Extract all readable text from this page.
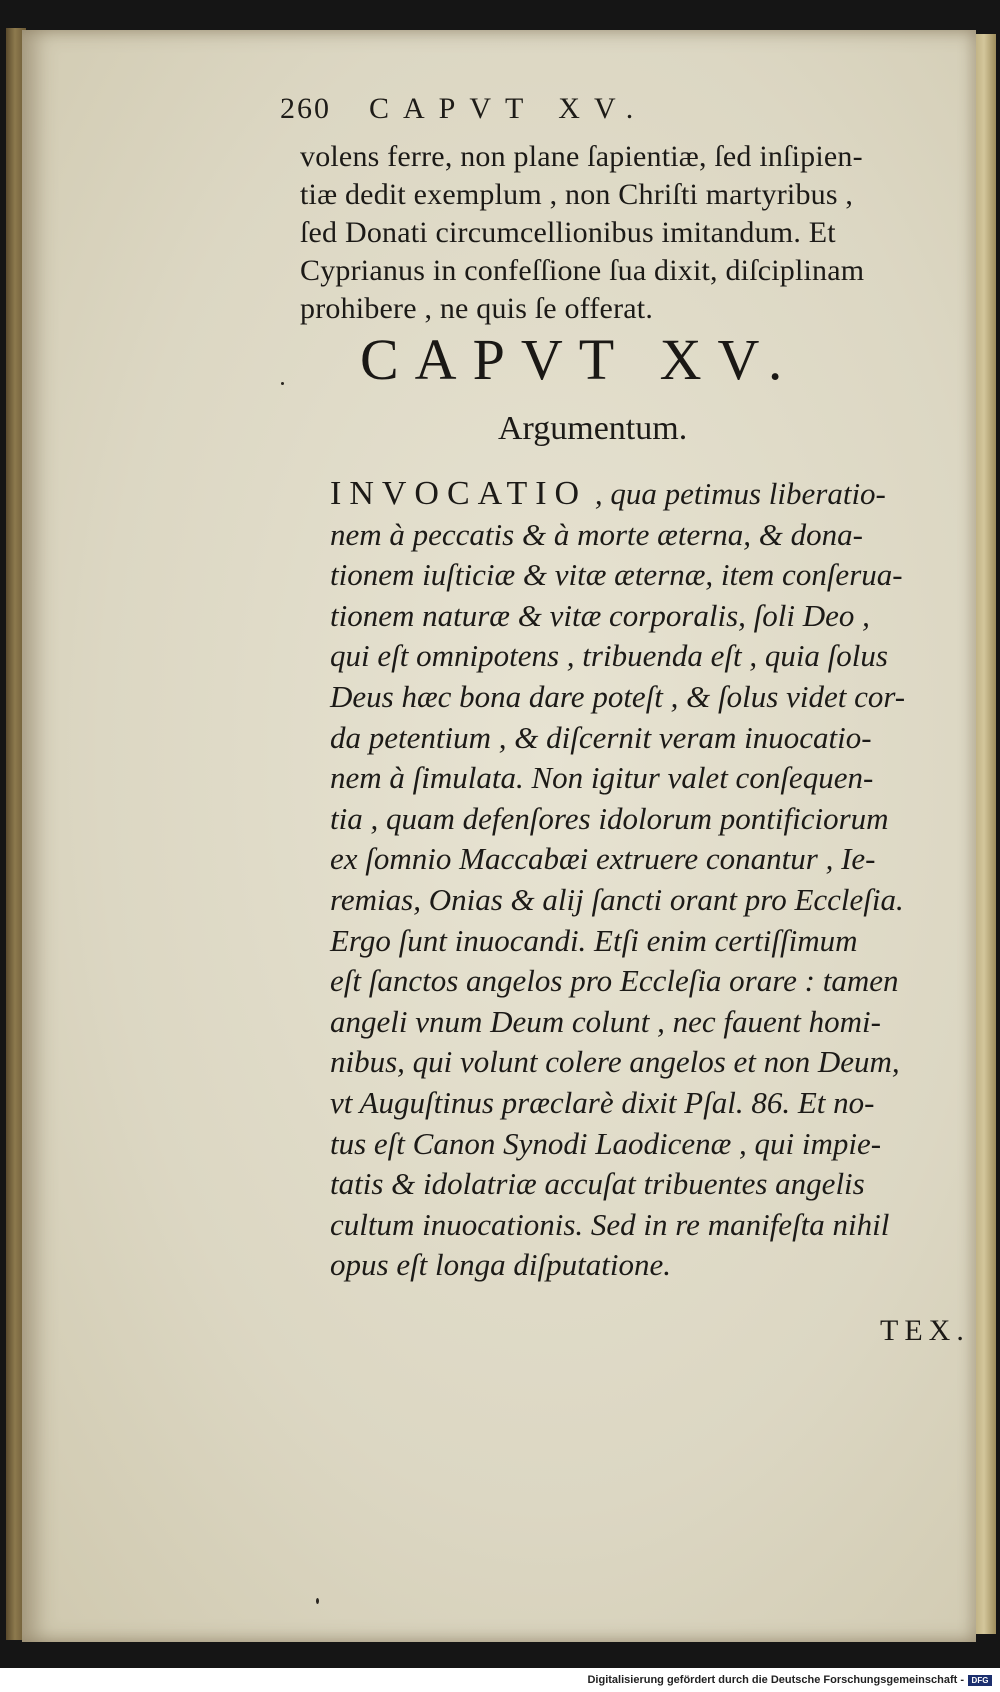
260 CAPVT XV.
volens ferre, non plane ſapientiæ, ſed inſipien-
tiæ dedit exemplum , non Chriſti martyribus ,
ſed Donati circumcellionibus imitandum. Et
Cyprianus in confeſſione ſua dixit, diſciplinam
prohibere , ne quis ſe offerat.
CAPVT XV.
Argumentum.
INVOCATIO , qua petimus liberatio-
nem à peccatis & à morte æterna, & dona-
tionem iuſticiæ & vitæ æternæ, item conſerua-
tionem naturæ & vitæ corporalis, ſoli Deo ,
qui eſt omnipotens , tribuenda eſt , quia ſolus
Deus hæc bona dare poteſt , & ſolus videt cor-
da petentium , & diſcernit veram inuocatio-
nem à ſimulata. Non igitur valet conſequen-
tia , quam defenſores idolorum pontificiorum
ex ſomnio Maccabæi extruere conantur , Ie-
remias, Onias & alij ſancti orant pro Eccleſia.
Ergo ſunt inuocandi. Etſi enim certiſſimum
eſt ſanctos angelos pro Eccleſia orare : tamen
angeli vnum Deum colunt , nec fauent homi-
nibus, qui volunt colere angelos et non Deum,
vt Auguſtinus præclarè dixit Pſal. 86. Et no-
tus eſt Canon Synodi Laodicenæ , qui impie-
tatis & idolatriæ accuſat tribuentes angelis
cultum inuocationis. Sed in re manifeſta nihil
opus eſt longa diſputatione.
TEX.
Digitalisierung gefördert durch die Deutsche Forschungsgemeinschaft - DFG
